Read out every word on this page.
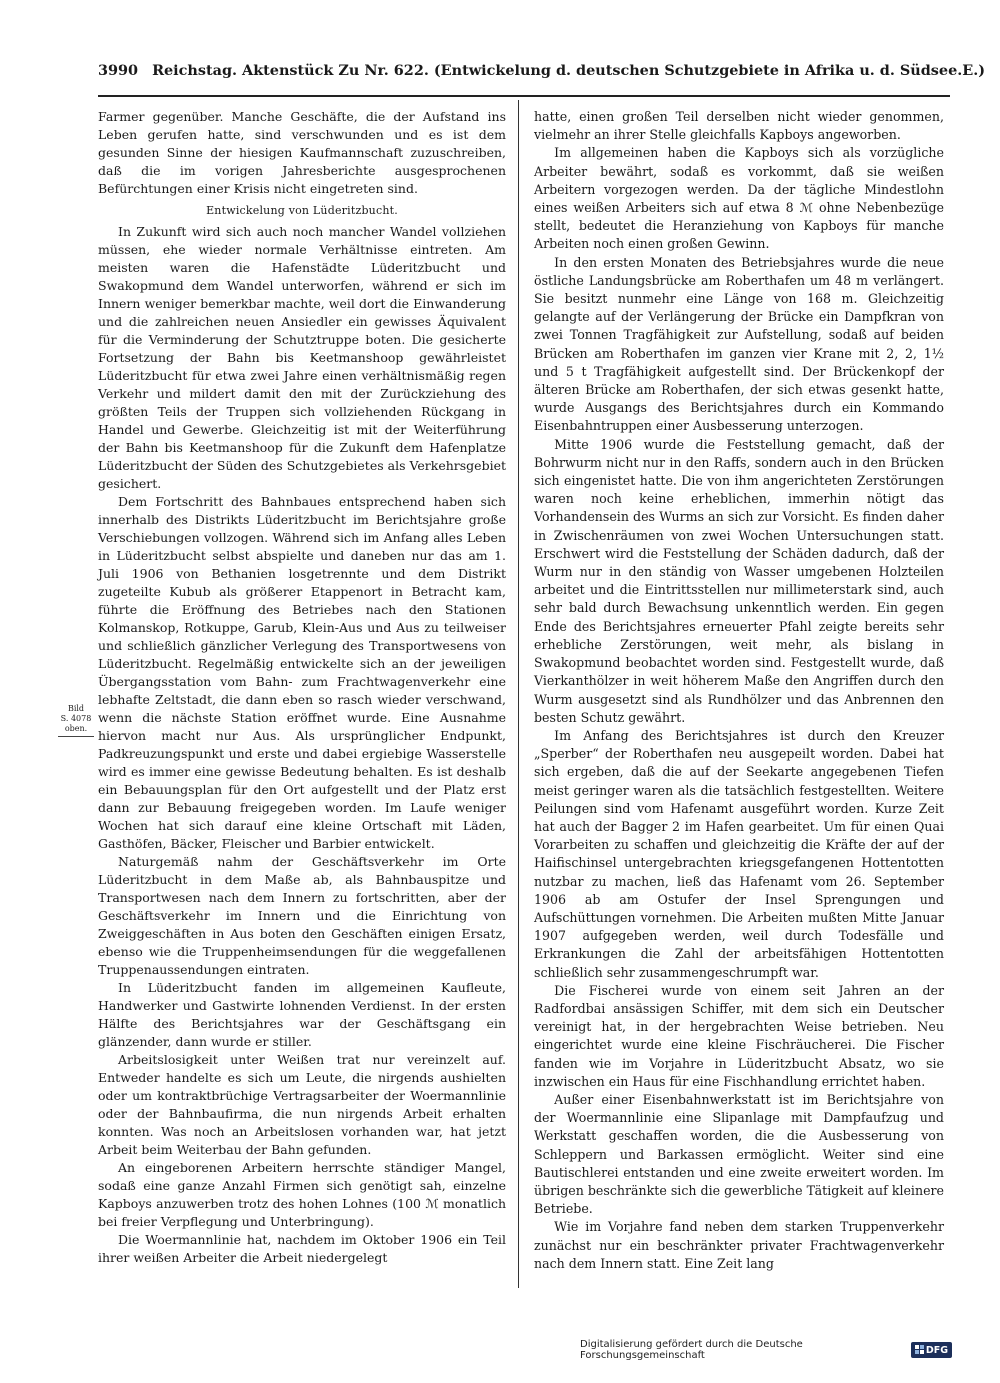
3990 Reichstag. Aktenstück Zu Nr. 622. (Entwickelung d. deutschen Schutzgebiete in Afrika u. d. Südsee. E.)

Farmer gegenüber. Manche Geschäfte, die der Aufstand ins Leben gerufen hatte, sind verschwunden und es ist dem gesunden Sinne der hiesigen Kaufmannschaft zuzuschreiben, daß die im vorigen Jahresberichte ausgesprochenen Befürchtungen einer Krisis nicht eingetreten sind.

Entwickelung von Lüderitzbucht.

In Zukunft wird sich auch noch mancher Wandel vollziehen müssen, ehe wieder normale Verhältnisse eintreten. Am meisten waren die Hafenstädte Lüderitzbucht und Swakopmund dem Wandel unterworfen, während er sich im Innern weniger bemerkbar machte, weil dort die Einwanderung und die zahlreichen neuen Ansiedler ein gewisses Äquivalent für die Verminderung der Schutztruppe boten. Die gesicherte Fortsetzung der Bahn bis Keetmanshoop gewährleistet Lüderitzbucht für etwa zwei Jahre einen verhältnismäßig regen Verkehr und mildert damit den mit der Zurückziehung des größten Teils der Truppen sich vollziehenden Rückgang in Handel und Gewerbe. Gleichzeitig ist mit der Weiterführung der Bahn bis Keetmanshoop für die Zukunft dem Hafenplatze Lüderitzbucht der Süden des Schutzgebietes als Verkehrsgebiet gesichert.

Dem Fortschritt des Bahnbaues entsprechend haben sich innerhalb des Distrikts Lüderitzbucht im Berichtsjahre große Verschiebungen vollzogen. Während sich im Anfang alles Leben in Lüderitzbucht selbst abspielte und daneben nur das am 1. Juli 1906 von Bethanien losgetrennte und dem Distrikt zugeteilte Kubub als größerer Etappenort in Betracht kam, führte die Eröffnung des Betriebes nach den Stationen Kolmanskop, Rotkuppe, Garub, Klein-Aus und Aus zu teilweiser und schließlich gänzlicher Verlegung des Transportwesens von Lüderitzbucht. Regelmäßig entwickelte sich an der jeweiligen Übergangsstation vom Bahn- zum Frachtwagenverkehr eine lebhafte Zeltstadt, die dann eben so rasch wieder verschwand, wenn die nächste Station eröffnet wurde. Eine Ausnahme hiervon macht nur Aus. Als ursprünglicher Endpunkt, Padkreuzungspunkt und erste und dabei ergiebige Wasserstelle wird es immer eine gewisse Bedeutung behalten. Es ist deshalb ein Bebauungsplan für den Ort aufgestellt und der Platz erst dann zur Bebauung freigegeben worden. Im Laufe weniger Wochen hat sich darauf eine kleine Ortschaft mit Läden, Gasthöfen, Bäcker, Fleischer und Barbier entwickelt.

Naturgemäß nahm der Geschäftsverkehr im Orte Lüderitzbucht in dem Maße ab, als Bahnbauspitze und Transportwesen nach dem Innern zu fortschritten, aber der Geschäftsverkehr im Innern und die Einrichtung von Zweiggeschäften in Aus boten den Geschäften einigen Ersatz, ebenso wie die Truppenheimsendungen für die weggefallenen Truppenaussendungen eintraten.

In Lüderitzbucht fanden im allgemeinen Kaufleute, Handwerker und Gastwirte lohnenden Verdienst. In der ersten Hälfte des Berichtsjahres war der Geschäftsgang ein glänzender, dann wurde er stiller.

Arbeitslosigkeit unter Weißen trat nur vereinzelt auf. Entweder handelte es sich um Leute, die nirgends aushielten oder um kontraktbrüchige Vertragsarbeiter der Woermannlinie oder der Bahnbaufirma, die nun nirgends Arbeit erhalten konnten. Was noch an Arbeitslosen vorhanden war, hat jetzt Arbeit beim Weiterbau der Bahn gefunden.

An eingeborenen Arbeitern herrschte ständiger Mangel, sodaß eine ganze Anzahl Firmen sich genötigt sah, einzelne Kapboys anzuwerben trotz des hohen Lohnes (100 ℳ monatlich bei freier Verpflegung und Unterbringung).

Die Woermannlinie hat, nachdem im Oktober 1906 ein Teil ihrer weißen Arbeiter die Arbeit niedergelegt

Bild
S. 4078
oben.

hatte, einen großen Teil derselben nicht wieder genommen, vielmehr an ihrer Stelle gleichfalls Kapboys angeworben.

Im allgemeinen haben die Kapboys sich als vorzügliche Arbeiter bewährt, sodaß es vorkommt, daß sie weißen Arbeitern vorgezogen werden. Da der tägliche Mindestlohn eines weißen Arbeiters sich auf etwa 8 ℳ ohne Nebenbezüge stellt, bedeutet die Heranziehung von Kapboys für manche Arbeiten noch einen großen Gewinn.

In den ersten Monaten des Betriebsjahres wurde die neue östliche Landungsbrücke am Roberthafen um 48 m verlängert. Sie besitzt nunmehr eine Länge von 168 m. Gleichzeitig gelangte auf der Verlängerung der Brücke ein Dampfkran von zwei Tonnen Tragfähigkeit zur Aufstellung, sodaß auf beiden Brücken am Roberthafen im ganzen vier Krane mit 2, 2, 1½ und 5 t Tragfähigkeit aufgestellt sind. Der Brückenkopf der älteren Brücke am Roberthafen, der sich etwas gesenkt hatte, wurde Ausgangs des Berichtsjahres durch ein Kommando Eisenbahntruppen einer Ausbesserung unterzogen.

Mitte 1906 wurde die Feststellung gemacht, daß der Bohrwurm nicht nur in den Raffs, sondern auch in den Brücken sich eingenistet hatte. Die von ihm angerichteten Zerstörungen waren noch keine erheblichen, immerhin nötigt das Vorhandensein des Wurms an sich zur Vorsicht. Es finden daher in Zwischenräumen von zwei Wochen Untersuchungen statt. Erschwert wird die Feststellung der Schäden dadurch, daß der Wurm nur in den ständig von Wasser umgebenen Holzteilen arbeitet und die Eintrittsstellen nur millimeterstark sind, auch sehr bald durch Bewachsung unkenntlich werden. Ein gegen Ende des Berichtsjahres erneuerter Pfahl zeigte bereits sehr erhebliche Zerstörungen, weit mehr, als bislang in Swakopmund beobachtet worden sind. Festgestellt wurde, daß Vierkanthölzer in weit höherem Maße den Angriffen durch den Wurm ausgesetzt sind als Rundhölzer und das Anbrennen den besten Schutz gewährt.

Im Anfang des Berichtsjahres ist durch den Kreuzer „Sperber“ der Roberthafen neu ausgepeilt worden. Dabei hat sich ergeben, daß die auf der Seekarte angegebenen Tiefen meist geringer waren als die tatsächlich festgestellten. Weitere Peilungen sind vom Hafenamt ausgeführt worden. Kurze Zeit hat auch der Bagger 2 im Hafen gearbeitet. Um für einen Quai Vorarbeiten zu schaffen und gleichzeitig die Kräfte der auf der Haifischinsel untergebrachten kriegsgefangenen Hottentotten nutzbar zu machen, ließ das Hafenamt vom 26. September 1906 ab am Ostufer der Insel Sprengungen und Aufschüttungen vornehmen. Die Arbeiten mußten Mitte Januar 1907 aufgegeben werden, weil durch Todesfälle und Erkrankungen die Zahl der arbeitsfähigen Hottentotten schließlich sehr zusammengeschrumpft war.

Die Fischerei wurde von einem seit Jahren an der Radfordbai ansässigen Schiffer, mit dem sich ein Deutscher vereinigt hat, in der hergebrachten Weise betrieben. Neu eingerichtet wurde eine kleine Fischräucherei. Die Fischer fanden wie im Vorjahre in Lüderitzbucht Absatz, wo sie inzwischen ein Haus für eine Fischhandlung errichtet haben.

Außer einer Eisenbahnwerkstatt ist im Berichtsjahre von der Woermannlinie eine Slipanlage mit Dampfaufzug und Werkstatt geschaffen worden, die die Ausbesserung von Schleppern und Barkassen ermöglicht. Weiter sind eine Bautischlerei entstanden und eine zweite erweitert worden. Im übrigen beschränkte sich die gewerbliche Tätigkeit auf kleinere Betriebe.

Wie im Vorjahre fand neben dem starken Truppenverkehr zunächst nur ein beschränkter privater Frachtwagenverkehr nach dem Innern statt. Eine Zeit lang

Digitalisierung gefördert durch die Deutsche Forschungsgemeinschaft	DFG
